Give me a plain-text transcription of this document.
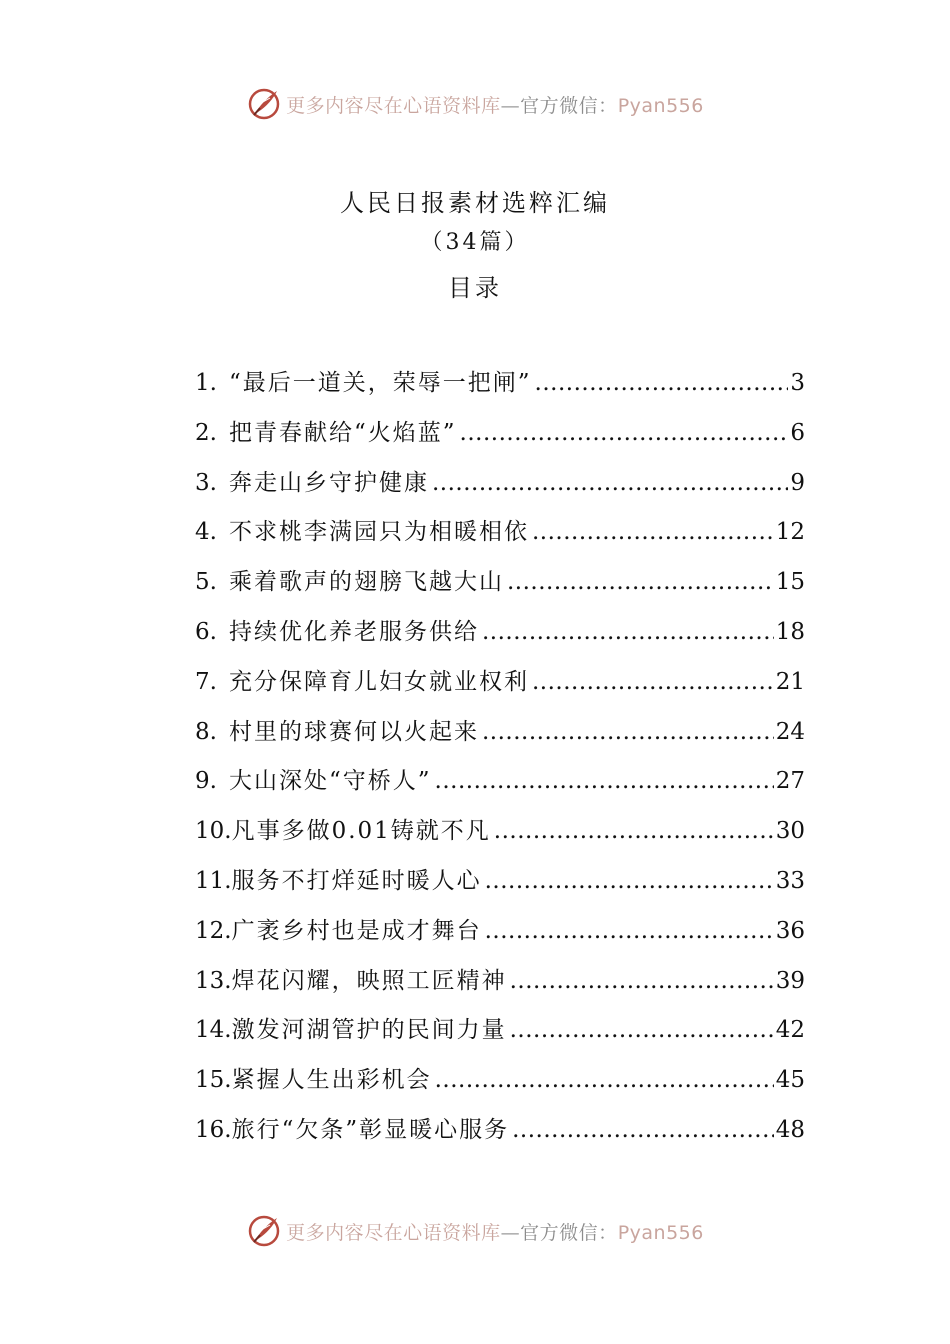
更多内容尽在心语资料库—官方微信：Pyan556
人民日报素材选粹汇编
（34篇）
目录
1. “最后一道关，荣辱一把闸” .....	3
2. 把青春献给“火焰蓝” .....	6
3. 奔走山乡守护健康 .....	9
4. 不求桃李满园只为相暖相依 .....	12
5. 乘着歌声的翅膀飞越大山 .....	15
6. 持续优化养老服务供给 .....	18
7. 充分保障育儿妇女就业权利 .....	21
8. 村里的球赛何以火起来 .....	24
9. 大山深处“守桥人” .....	27
10. 凡事多做0.01铸就不凡 .....	30
11. 服务不打烊延时暖人心 .....	33
12. 广袤乡村也是成才舞台 .....	36
13. 焊花闪耀，映照工匠精神 .....	39
14. 激发河湖管护的民间力量 .....	42
15. 紧握人生出彩机会 .....	45
16. 旅行“欠条”彰显暖心服务 .....	48
更多内容尽在心语资料库—官方微信：Pyan556
